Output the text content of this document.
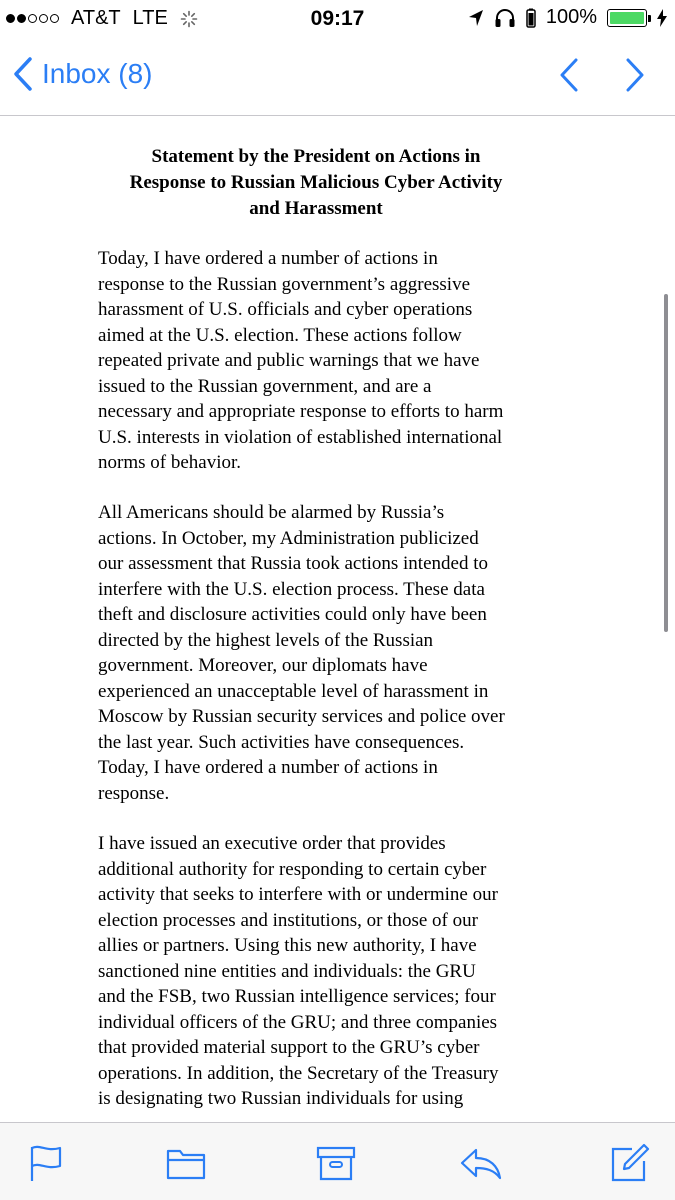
AT&T LTE	09:17	100%
Inbox (8)
Statement by the President on Actions in
Response to Russian Malicious Cyber Activity
and Harassment
Today, I have ordered a number of actions in
response to the Russian government’s aggressive
harassment of U.S. officials and cyber operations
aimed at the U.S. election. These actions follow
repeated private and public warnings that we have
issued to the Russian government, and are a
necessary and appropriate response to efforts to harm
U.S. interests in violation of established international
norms of behavior.
All Americans should be alarmed by Russia’s
actions. In October, my Administration publicized
our assessment that Russia took actions intended to
interfere with the U.S. election process. These data
theft and disclosure activities could only have been
directed by the highest levels of the Russian
government. Moreover, our diplomats have
experienced an unacceptable level of harassment in
Moscow by Russian security services and police over
the last year. Such activities have consequences.
Today, I have ordered a number of actions in
response.
I have issued an executive order that provides
additional authority for responding to certain cyber
activity that seeks to interfere with or undermine our
election processes and institutions, or those of our
allies or partners. Using this new authority, I have
sanctioned nine entities and individuals: the GRU
and the FSB, two Russian intelligence services; four
individual officers of the GRU; and three companies
that provided material support to the GRU’s cyber
operations. In addition, the Secretary of the Treasury
is designating two Russian individuals for using
